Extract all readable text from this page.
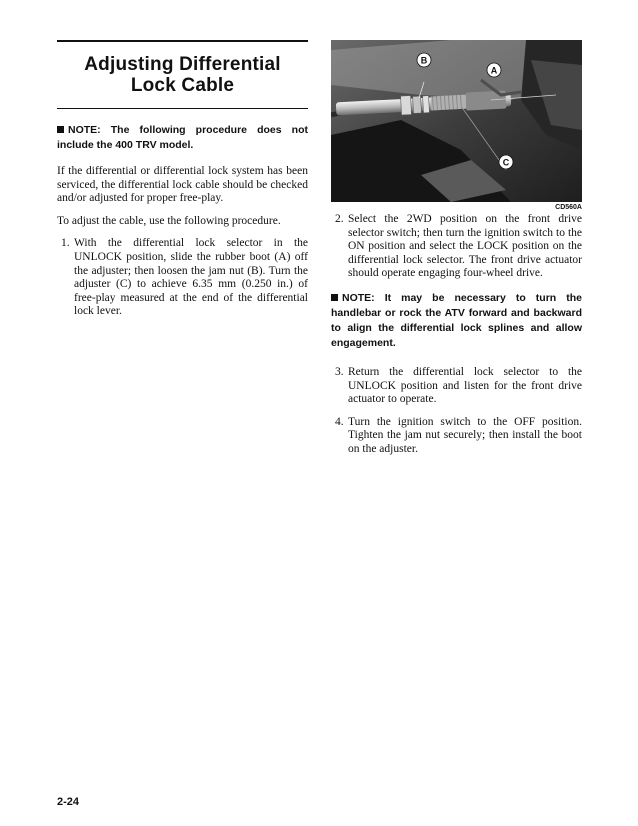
Adjusting Differential
Lock Cable

NOTE: The following procedure does not include the 400 TRV model.

If the differential or differential lock system has been serviced, the differential lock cable should be checked and/or adjusted for proper free-play.

To adjust the cable, use the following procedure.

1. With the differential lock selector in the UNLOCK position, slide the rubber boot (A) off the adjuster; then loosen the jam nut (B). Turn the adjuster (C) to achieve 6.35 mm (0.250 in.) of free-play measured at the end of the differential lock lever.
B
A
C
CD560A
2. Select the 2WD position on the front drive selector switch; then turn the ignition switch to the ON position and select the LOCK position on the differential lock selector. The front drive actuator should operate engaging four-wheel drive.

NOTE: It may be necessary to turn the handlebar or rock the ATV forward and backward to align the differential lock splines and allow engagement.

3. Return the differential lock selector to the UNLOCK position and listen for the front drive actuator to operate.
4. Turn the ignition switch to the OFF position. Tighten the jam nut securely; then install the boot on the adjuster.
2-24
